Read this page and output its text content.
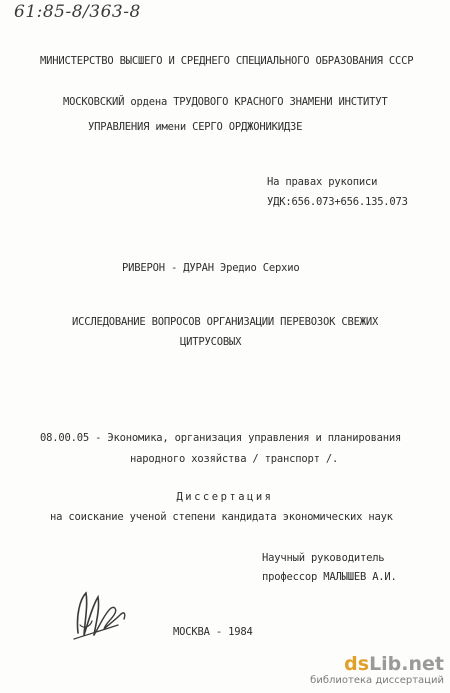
61:85-8/363-8
МИНИСТЕРСТВО ВЫСШЕГО И СРЕДНЕГО СПЕЦИАЛЬНОГО ОБРАЗОВАНИЯ СССР
МОСКОВСКИЙ ордена ТРУДОВОГО КРАСНОГО ЗНАМЕНИ ИНСТИТУТ
УПРАВЛЕНИЯ имени СЕРГО ОРДЖОНИКИДЗЕ
На правах рукописи
УДК:656.073+656.135.073
РИВЕРОН - ДУРАН Эредио Серхио
ИССЛЕДОВАНИЕ ВОПРОСОВ ОРГАНИЗАЦИИ ПЕРЕВОЗОК СВЕЖИХ
ЦИТРУСОВЫХ
08.00.05 - Экономика, организация управления и планирования
народного хозяйства / транспорт /.
Диссертация
на соискание ученой степени кандидата экономических наук
Научный руководитель
профессор МАЛЫШЕВ А.И.
МОСКВА - 1984
dsLib.net
библиотека диссертаций
